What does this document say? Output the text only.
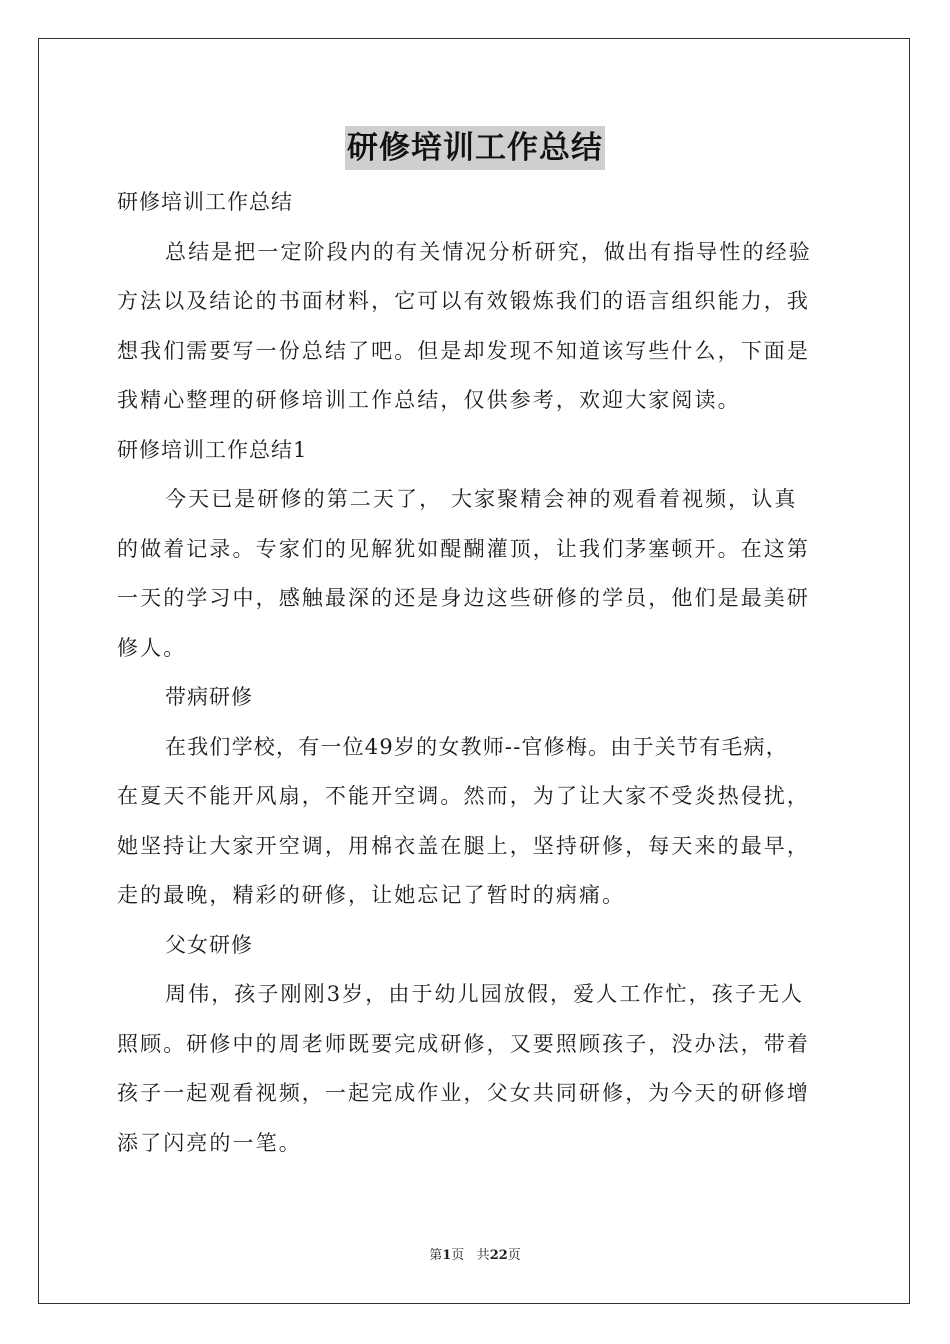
研修培训工作总结
研修培训工作总结
总结是把一定阶段内的有关情况分析研究，做出有指导性的经验
方法以及结论的书面材料，它可以有效锻炼我们的语言组织能力，我
想我们需要写一份总结了吧。但是却发现不知道该写些什么，下面是
我精心整理的研修培训工作总结，仅供参考，欢迎大家阅读。
研修培训工作总结1
今天已是研修的第二天了， 大家聚精会神的观看着视频，认真
的做着记录。专家们的见解犹如醍醐灌顶，让我们茅塞顿开。在这第
一天的学习中，感触最深的还是身边这些研修的学员，他们是最美研
修人。
带病研修
在我们学校，有一位49岁的女教师--官修梅。由于关节有毛病，
在夏天不能开风扇，不能开空调。然而，为了让大家不受炎热侵扰，
她坚持让大家开空调，用棉衣盖在腿上，坚持研修，每天来的最早，
走的最晚，精彩的研修，让她忘记了暂时的病痛。
父女研修
周伟，孩子刚刚3岁，由于幼儿园放假，爱人工作忙，孩子无人
照顾。研修中的周老师既要完成研修，又要照顾孩子，没办法，带着
孩子一起观看视频，一起完成作业，父女共同研修，为今天的研修增
添了闪亮的一笔。
第1页 共22页
